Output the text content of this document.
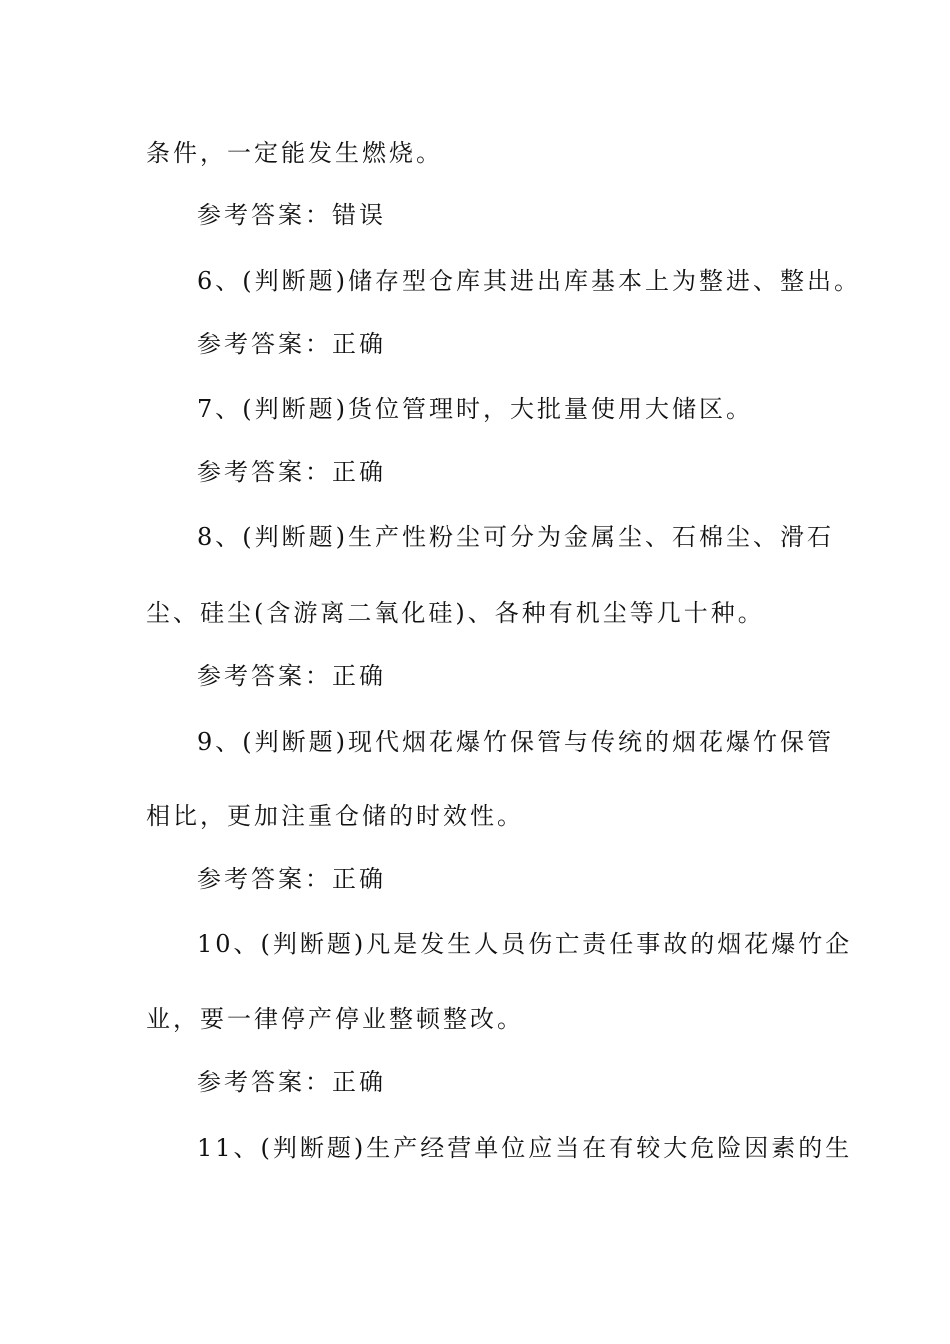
条件，一定能发生燃烧。
参考答案：错误
6、(判断题)储存型仓库其进出库基本上为整进、整出。
参考答案：正确
7、(判断题)货位管理时，大批量使用大储区。
参考答案：正确
8、(判断题)生产性粉尘可分为金属尘、石棉尘、滑石
尘、硅尘(含游离二氧化硅)、各种有机尘等几十种。
参考答案：正确
9、(判断题)现代烟花爆竹保管与传统的烟花爆竹保管
相比，更加注重仓储的时效性。
参考答案：正确
10、(判断题)凡是发生人员伤亡责任事故的烟花爆竹企
业，要一律停产停业整顿整改。
参考答案：正确
11、(判断题)生产经营单位应当在有较大危险因素的生
